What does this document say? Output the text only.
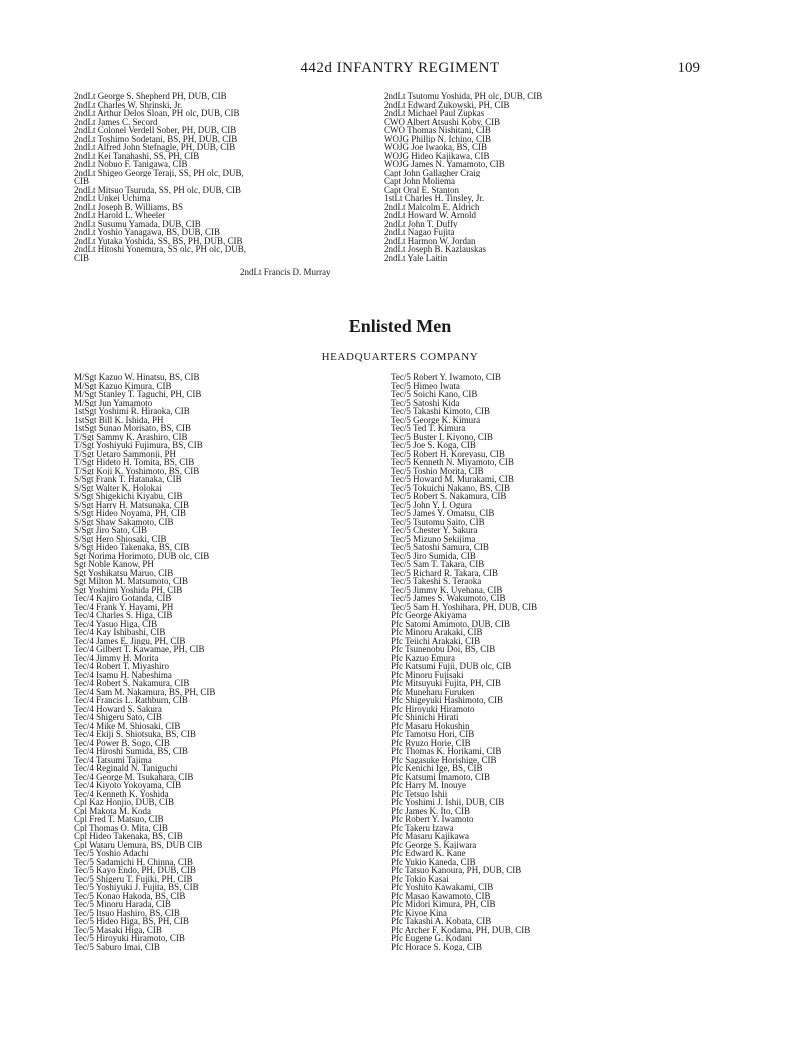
442d INFANTRY REGIMENT	109
2ndLt George S. Shepherd PH, DUB, CIB
2ndLt Charles W. Shrinski, Jr.
2ndLt Arthur Delos Sloan, PH olc, DUB, CIB
2ndLt James C. Secord
2ndLt Colonel Verdell Sober, PH, DUB, CIB
2ndLt Toshimo Sodetani, BS, PH, DUB, CIB
2ndLt Alfred John Stefnagle, PH, DUB, CIB
2ndLt Kei Tanahashi, SS, PH, CIB
2ndLt Nobuo F. Tanigawa, CIB
2ndLt Shigeo George Teraji, SS, PH olc, DUB,
CIB
2ndLt Mitsuo Tsuruda, SS, PH olc, DUB, CIB
2ndLt Unkei Uchima
2ndLt Joseph B. Williams, BS
2ndLt Harold L. Wheeler
2ndLt Susumu Yamada, DUB, CIB
2ndLt Yoshio Yanagawa, BS, DUB, CIB
2ndLt Yutaka Yoshida, SS, BS, PH, DUB, CIB
2ndLt Hitoshi Yonemura, SS olc, PH olc, DUB,
CIB
2ndLt Tsutomu Yoshida, PH olc, DUB, CIB
2ndLt Edward Zukowski, PH, CIB
2ndLt Michael Paul Zupkas
CWO Albert Atsushi Koby, CIB
CWO Thomas Nishitani, CIB
WOJG Phillip N. Ichino, CIB
WOJG Joe Iwaoka, BS, CIB
WOJG Hideo Kajikawa, CIB
WOJG James N. Yamamoto, CIB
Capt John Gallagher Craig
Capt John Moliema
Capt Oral E. Stanton
1stLt Charles H. Tinsley, Jr.
2ndLt Malcolm E. Aldrich
2ndLt Howard W. Arnold
2ndLt John T. Duffy
2ndLt Nagao Fujita
2ndLt Harmon W. Jordan
2ndLt Joseph B. Kazlauskas
2ndLt Yale Laitin
2ndLt Francis D. Murray
Enlisted Men
HEADQUARTERS COMPANY
M/Sgt Kazuo W. Hinatsu, BS, CIB
M/Sgt Kazuo Kimura, CIB
M/Sgt Stanley T. Taguchi, PH, CIB
M/Sgt Jun Yamamoto
1stSgt Yoshimi R. Hiraoka, CIB
1stSgt Bill K. Ishida, PH
1stSgt Sunao Morisato, BS, CIB
T/Sgt Sammy K. Arashiro, CIB
T/Sgt Yoshiyuki Fujimura, BS, CIB
T/Sgt Uetaro Sammonji, PH
T/Sgt Hideto H. Tomita, BS, CIB
T/Sgt Koji K. Yoshimoto, BS, CIB
S/Sgt Frank T. Hatanaka, CIB
S/Sgt Walter K. Holokai
S/Sgt Shigekichi Kiyabu, CIB
S/Sgt Harry H. Matsunaka, CIB
S/Sgt Hideo Noyama, PH, CIB
S/Sgt Shaw Sakamoto, CIB
S/Sgt Jiro Sato, CIB
S/Sgt Hero Shiosaki, CIB
S/Sgt Hideo Takenaka, BS, CIB
Sgt Norima Horimoto, DUB olc, CIB
Sgt Noble Kanow, PH
Sgt Yoshikatsu Maruo, CIB
Sgt Milton M. Matsumoto, CIB
Sgt Yoshimi Yoshida PH, CIB
Tec/4 Kajiro Gotanda, CIB
Tec/4 Frank Y. Hayami, PH
Tec/4 Charles S. Higa, CIB
Tec/4 Yasuo Higa, CIB
Tec/4 Kay Ishibashi, CIB
Tec/4 James E. Jingu, PH, CIB
Tec/4 Gilbert T. Kawamae, PH, CIB
Tec/4 Jimmy H. Morita
Tec/4 Robert T. Miyashiro
Tec/4 Isamu H. Nabeshima
Tec/4 Robert S. Nakamura, CIB
Tec/4 Sam M. Nakamura, BS, PH, CIB
Tec/4 Francis L. Rathburn, CIB
Tec/4 Howard S. Sakura
Tec/4 Shigeru Sato, CIB
Tec/4 Mike M. Shiosaki, CIB
Tec/4 Ekiji S. Shiotsuka, BS, CIB
Tec/4 Power B. Sogo, CIB
Tec/4 Hiroshi Sumida, BS, CIB
Tec/4 Tatsumi Tajima
Tec/4 Reginald N. Taniguchi
Tec/4 George M. Tsukahara, CIB
Tec/4 Kiyoto Yokoyama, CIB
Tec/4 Kenneth K. Yoshida
Cpl Kaz Honjio, DUB, CIB
Cpl Makota M. Koda
Cpl Fred T. Matsuo, CIB
Cpl Thomas O. Mita, CIB
Cpl Hideo Takenaka, BS, CIB
Cpl Wataru Uemura, BS, DUB CIB
Tec/5 Yoshio Adachi
Tec/5 Sadamichi H. Chinna, CIB
Tec/5 Kayo Endo, PH, DUB, CIB
Tec/5 Shigeru T. Fujiki, PH, CIB
Tec/5 Yoshiyuki J. Fujita, BS, CIB
Tec/5 Konao Hakoda, BS, CIB
Tec/5 Minoru Harada, CIB
Tec/5 Itsuo Hashiro, BS, CIB
Tec/5 Hideo Higa, BS, PH, CIB
Tec/5 Masaki Higa, CIB
Tec/5 Hiroyuki Hiramoto, CIB
Tec/5 Saburo Imai, CIB
Tec/5 Robert Y. Iwamoto, CIB
Tec/5 Himeo Iwata
Tec/5 Soichi Kano, CIB
Tec/5 Satoshi Kida
Tec/5 Takashi Kimoto, CIB
Tec/5 George K. Kimura
Tec/5 Ted T. Kimura
Tec/5 Buster I. Kiyono, CIB
Tec/5 Joe S. Koga, CIB
Tec/5 Robert H. Koreyasu, CIB
Tec/5 Kenneth N. Miyamoto, CIB
Tec/5 Toshio Morita, CIB
Tec/5 Howard M. Murakami, CIB
Tec/5 Tokuichi Nakano, BS, CIB
Tec/5 Robert S. Nakamura, CIB
Tec/5 John Y. I. Ogura
Tec/5 James Y. Omatsu, CIB
Tec/5 Tsutomu Saito, CIB
Tec/5 Chester Y. Sakura
Tec/5 Mizuno Sekijima
Tec/5 Satoshi Samura, CIB
Tec/5 Jiro Sumida, CIB
Tec/5 Sam T. Takara, CIB
Tec/5 Richard R. Takara, CIB
Tec/5 Takeshi S. Teraoka
Tec/5 Jimmy K. Uyehana, CIB
Tec/5 James S. Wakumoto, CIB
Tec/5 Sam H. Yoshihara, PH, DUB, CIB
Pfc George Akiyama
Pfc Satomi Amimoto, DUB, CIB
Pfc Minoru Arakaki, CIB
Pfc Teiichi Arakaki, CIB
Pfc Tsunenobu Doi, BS, CIB
Pfc Kazuo Emura
Pfc Katsumi Fujii, DUB olc, CIB
Pfc Minoru Fujisaki
Pfc Mitsuyuki Fujita, PH, CIB
Pfc Muneharu Furuken
Pfc Shigeyuki Hashimoto, CIB
Pfc Hiroyuki Hiramoto
Pfc Shinichi Hirati
Pfc Masaru Hokushin
Pfc Tamotsu Hori, CIB
Pfc Ryuzo Horie, CIB
Pfc Thomas K. Horikami, CIB
Pfc Sagasuke Horishige, CIB
Pfc Kenichi Ige, BS, CIB
Pfc Katsumi Imamoto, CIB
Pfc Harry M. Inouye
Pfc Tetsuo Ishii
Pfc Yoshimi J. Ishii, DUB, CIB
Pfc James K. Ito, CIB
Pfc Robert Y. Iwamoto
Pfc Takeru Izawa
Pfc Masaru Kajikawa
Pfc George S. Kajiwara
Pfc Edward K. Kane
Pfc Yukio Kaneda, CIB
Pfc Tatsuo Kanoura, PH, DUB, CIB
Pfc Tokio Kasai
Pfc Yoshito Kawakami, CIB
Pfc Masao Kawamoto, CIB
Pfc Midori Kimura, PH, CIB
Pfc Kiyoe Kina
Pfc Takashi A. Kobata, CIB
Pfc Archer F. Kodama, PH, DUB, CIB
Pfc Eugene G. Kodani
Pfc Horace S. Koga, CIB
